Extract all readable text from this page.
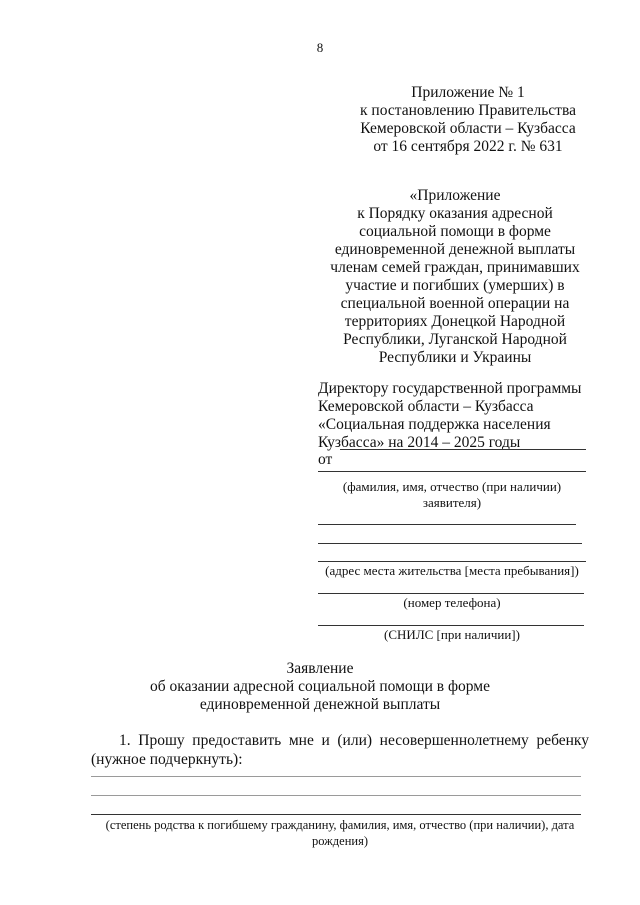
8
Приложение № 1
к постановлению Правительства
Кемеровской области – Кузбасса
от 16 сентября 2022 г. № 631
«Приложение
к Порядку оказания адресной
социальной помощи в форме
единовременной денежной выплаты
членам семей граждан, принимавших
участие и погибших (умерших) в
специальной военной операции на
территориях Донецкой Народной
Республики, Луганской Народной
Республики и Украины
Директору государственной программы
Кемеровской области – Кузбасса
«Социальная поддержка населения
Кузбасса» на 2014 – 2025 годы
от
(фамилия, имя, отчество (при наличии)
заявителя)
(адрес места жительства [места пребывания])
(номер телефона)
(СНИЛС [при наличии])
Заявление
об оказании адресной социальной помощи в форме
единовременной денежной выплаты
1. Прошу предоставить мне и (или) несовершеннолетнему ребенку
(нужное подчеркнуть):
(степень родства к погибшему гражданину, фамилия, имя, отчество (при наличии), дата
рождения)
